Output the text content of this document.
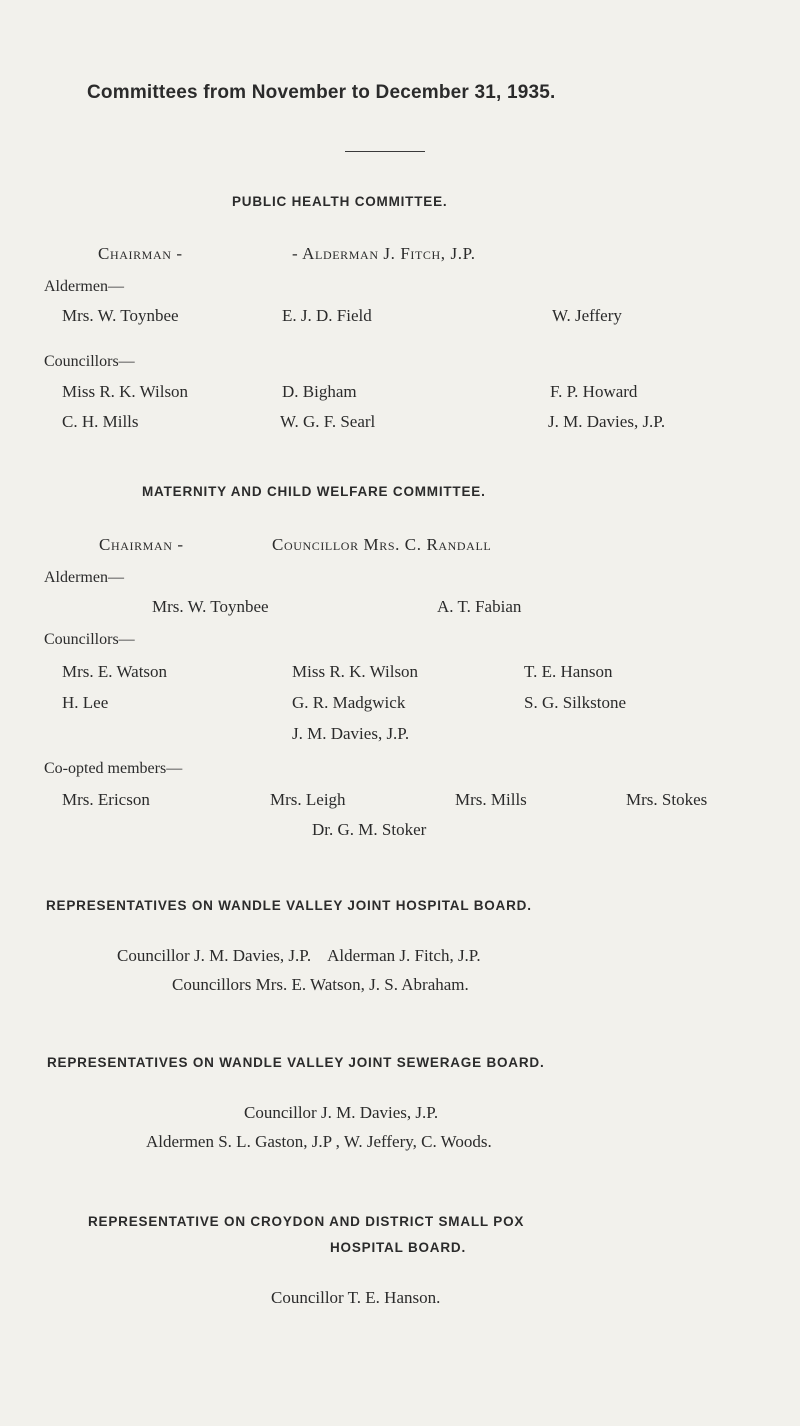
Committees from November to December 31, 1935.
PUBLIC HEALTH COMMITTEE.
Chairman -	- Alderman J. Fitch, J.P.
Aldermen—
Mrs. W. Toynbee	E. J. D. Field	W. Jeffery
Councillors—
Miss R. K. Wilson	D. Bigham	F. P. Howard
C. H. Mills	W. G. F. Searl	J. M. Davies, J.P.
MATERNITY AND CHILD WELFARE COMMITTEE.
Chairman -	Councillor Mrs. C. Randall
Aldermen—
Mrs. W. Toynbee	A. T. Fabian
Councillors—
Mrs. E. Watson	Miss R. K. Wilson	T. E. Hanson
H. Lee	G. R. Madgwick	S. G. Silkstone
J. M. Davies, J.P.
Co-opted members—
Mrs. Ericson	Mrs. Leigh	Mrs. Mills	Mrs. Stokes
Dr. G. M. Stoker
REPRESENTATIVES ON WANDLE VALLEY JOINT HOSPITAL BOARD.
Councillor J. M. Davies, J.P.    Alderman J. Fitch, J.P.
Councillors Mrs. E. Watson, J. S. Abraham.
REPRESENTATIVES ON WANDLE VALLEY JOINT SEWERAGE BOARD.
Councillor J. M. Davies, J.P.
Aldermen S. L. Gaston, J.P , W. Jeffery, C. Woods.
REPRESENTATIVE ON CROYDON AND DISTRICT SMALL POX
HOSPITAL BOARD.
Councillor T. E. Hanson.
